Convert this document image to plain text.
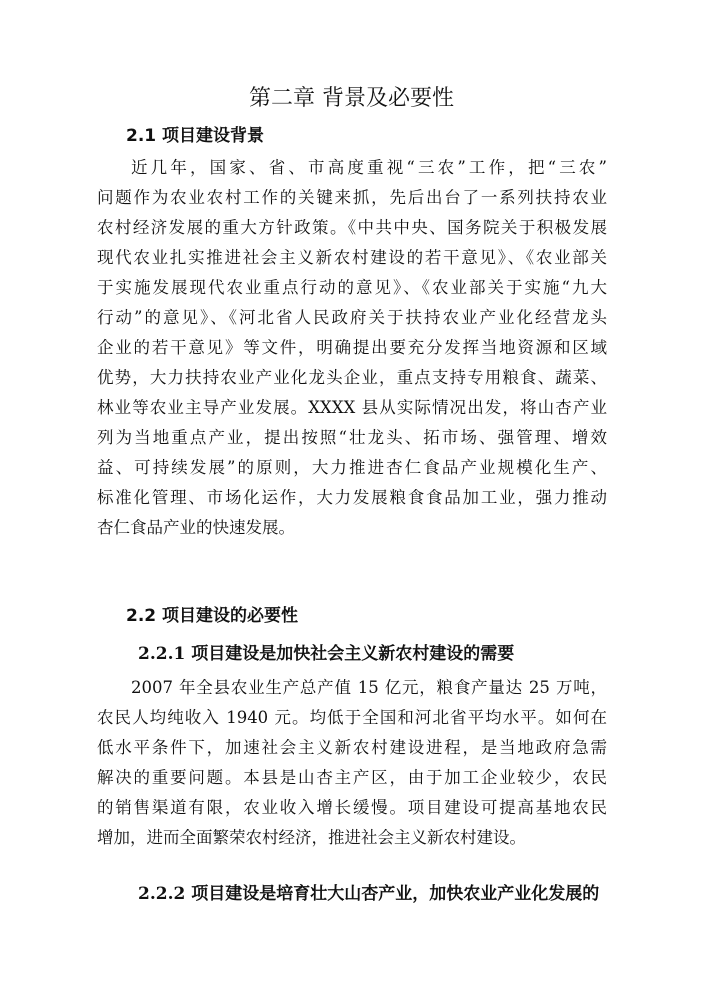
第二章 背景及必要性
2.1 项目建设背景
近几年，国家、省、市高度重视“三农”工作，把“三农”
问题作为农业农村工作的关键来抓，先后出台了一系列扶持农业
农村经济发展的重大方针政策。《中共中央、国务院关于积极发展
现代农业扎实推进社会主义新农村建设的若干意见》、《农业部关
于实施发展现代农业重点行动的意见》、《农业部关于实施“九大
行动”的意见》、《河北省人民政府关于扶持农业产业化经营龙头
企业的若干意见》等文件，明确提出要充分发挥当地资源和区域
优势，大力扶持农业产业化龙头企业，重点支持专用粮食、蔬菜、
林业等农业主导产业发展。XXXX 县从实际情况出发，将山杏产业
列为当地重点产业，提出按照“壮龙头、拓市场、强管理、增效
益、可持续发展”的原则，大力推进杏仁食品产业规模化生产、
标准化管理、市场化运作，大力发展粮食食品加工业，强力推动
杏仁食品产业的快速发展。
2.2 项目建设的必要性
2.2.1 项目建设是加快社会主义新农村建设的需要
2007 年全县农业生产总产值 15 亿元，粮食产量达 25 万吨，
农民人均纯收入 1940 元。均低于全国和河北省平均水平。如何在
低水平条件下，加速社会主义新农村建设进程，是当地政府急需
解决的重要问题。本县是山杏主产区，由于加工企业较少，农民
的销售渠道有限，农业收入增长缓慢。项目建设可提高基地农民
增加，进而全面繁荣农村经济，推进社会主义新农村建设。
2.2.2 项目建设是培育壮大山杏产业，加快农业产业化发展的
